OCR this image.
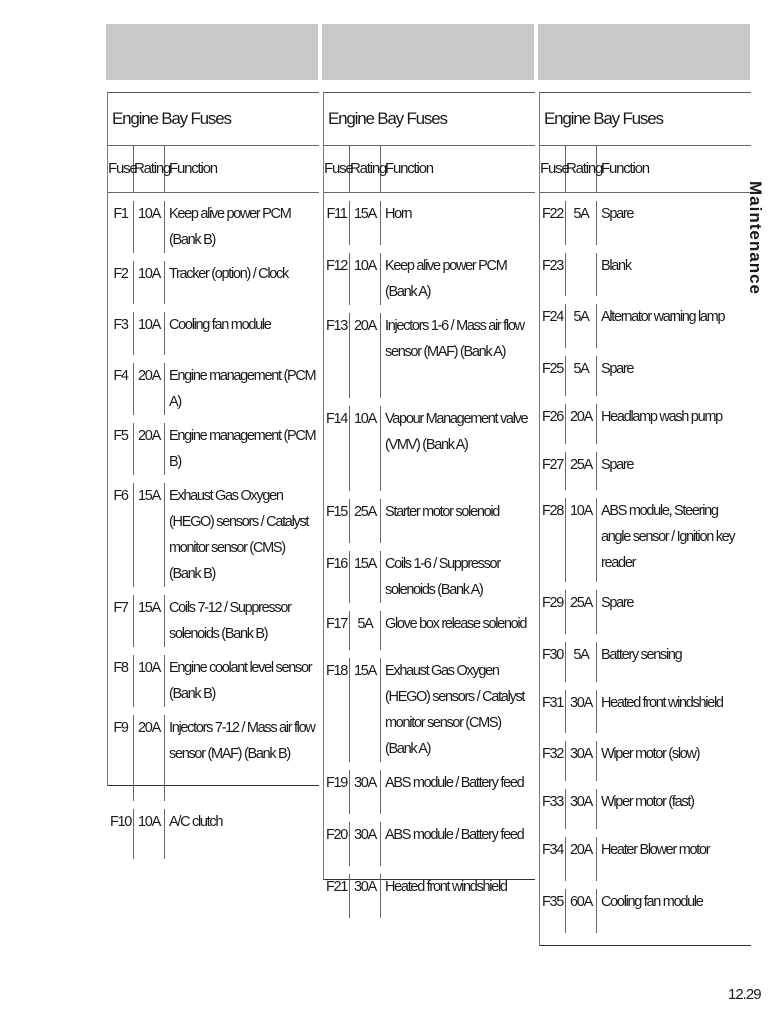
Engine Bay Fuses
Fuse
Rating
Function
F1 10A Keep alive power PCM (Bank B)
F2 10A Tracker (option) / Clock
F3 10A Cooling fan module
F4 20A Engine management (PCM A)
F5 20A Engine management (PCM B)
F6 15A Exhaust Gas Oxygen (HEGO) sensors / Catalyst monitor sensor (CMS) (Bank B)
F7 15A Coils 7-12 / Suppressor solenoids (Bank B)
F8 10A Engine coolant level sensor (Bank B)
F9 20A Injectors 7-12 / Mass air flow sensor (MAF) (Bank B)
F10 10A A/C clutch
Engine Bay Fuses
Fuse
Rating
Function
F11 15A Horn
F12 10A Keep alive power PCM (Bank A)
F13 20A Injectors 1-6 / Mass air flow sensor (MAF) (Bank A)
F14 10A Vapour Management valve (VMV) (Bank A)
F15 25A Starter motor solenoid
F16 15A Coils 1-6 / Suppressor solenoids (Bank A)
F17 5A Glove box release solenoid
F18 15A Exhaust Gas Oxygen (HEGO) sensors / Catalyst monitor sensor (CMS) (Bank A)
F19 30A ABS module / Battery feed
F20 30A ABS module / Battery feed
F21 30A Heated front windshield
Engine Bay Fuses
Fuse
Rating
Function
F22 5A Spare
F23	Blank
F24 5A Alternator warning lamp
F25 5A Spare
F26 20A Headlamp wash pump
F27 25A Spare
F28 10A ABS module, Steering angle sensor / Ignition key reader
F29 25A Spare
F30 5A Battery sensing
F31 30A Heated front windshield
F32 30A Wiper motor (slow)
F33 30A Wiper motor (fast)
F34 20A Heater Blower motor
F35 60A Cooling fan module
Maintenance
12.29
